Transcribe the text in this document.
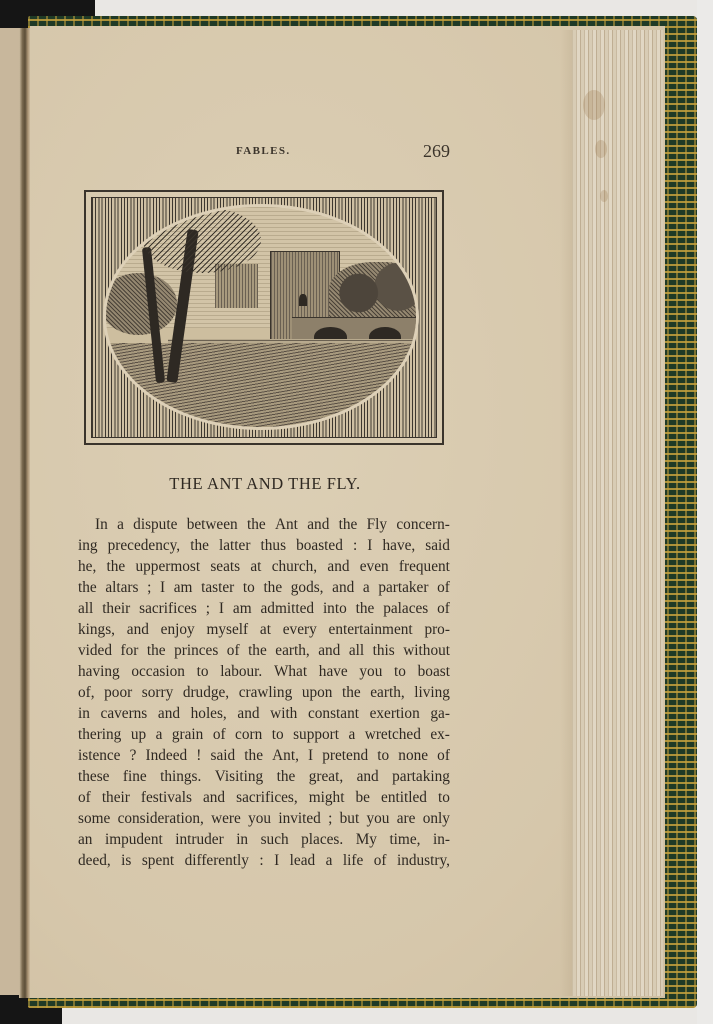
FABLES.	269
THE ANT AND THE FLY.
In a dispute between the Ant and the Fly concern-
ing precedency, the latter thus boasted : I have, said
he, the uppermost seats at church, and even frequent
the altars ; I am taster to the gods, and a partaker of
all their sacrifices ; I am admitted into the palaces of
kings, and enjoy myself at every entertainment pro-
vided for the princes of the earth, and all this without
having occasion to labour. What have you to boast
of, poor sorry drudge, crawling upon the earth, living
in caverns and holes, and with constant exertion ga-
thering up a grain of corn to support a wretched ex-
istence ? Indeed ! said the Ant, I pretend to none of
these fine things. Visiting the great, and partaking
of their festivals and sacrifices, might be entitled to
some consideration, were you invited ; but you are only
an impudent intruder in such places. My time, in-
deed, is spent differently : I lead a life of industry,
